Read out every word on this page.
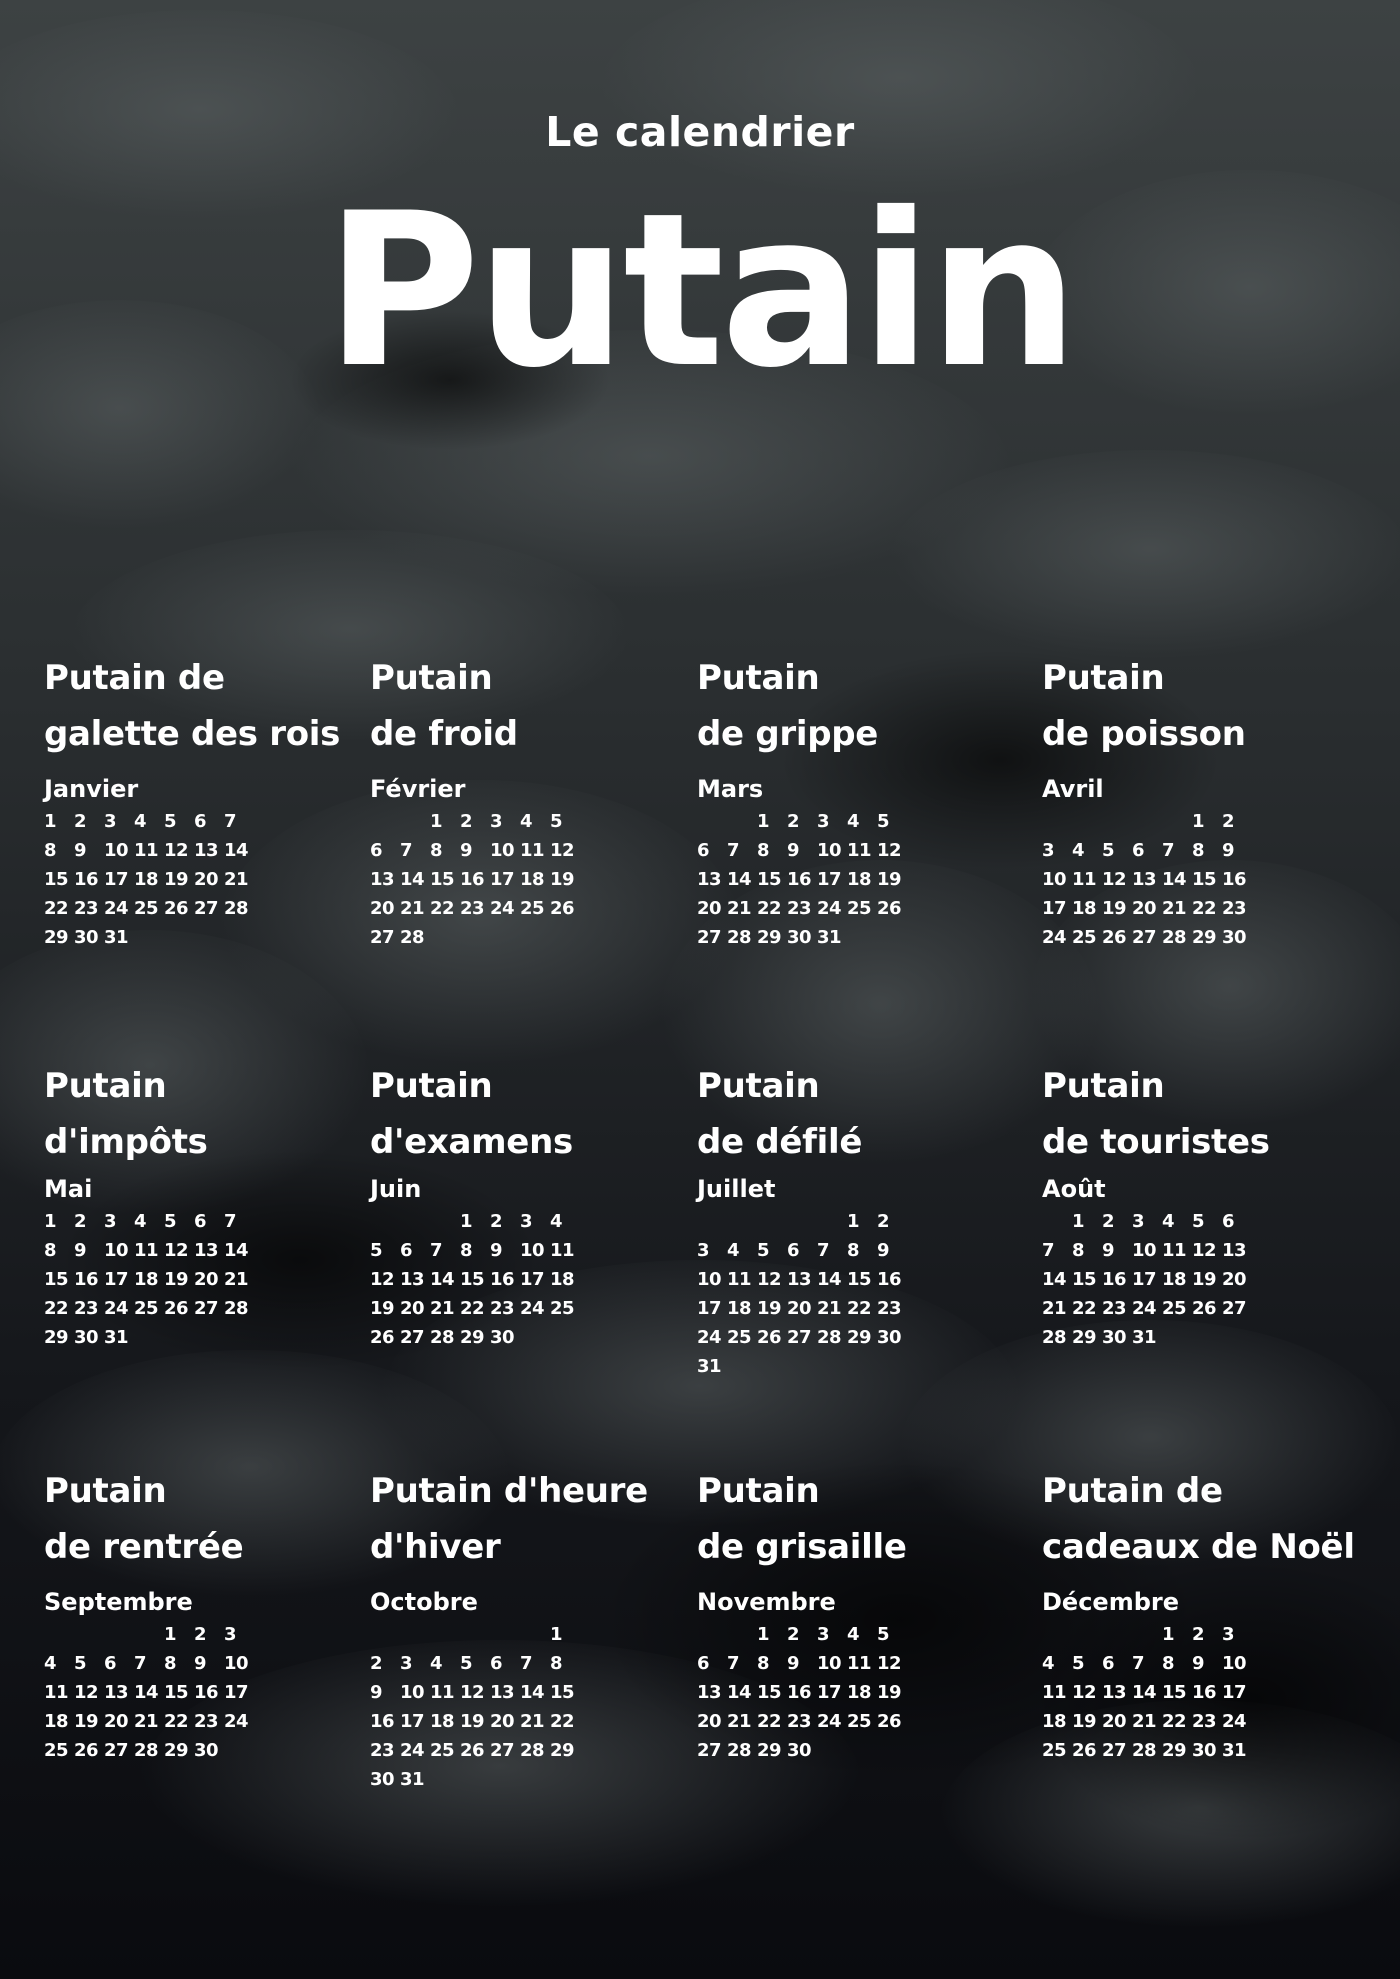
Le calendrier
Putain
Putain de
galette des rois
Janvier
1 2 3 4 5 6 7
8 9 10 11 12 13 14
15 16 17 18 19 20 21
22 23 24 25 26 27 28
29 30 31
Putain
de froid
Février
1 2 3 4 5
6 7 8 9 10 11 12
13 14 15 16 17 18 19
20 21 22 23 24 25 26
27 28
Putain
de grippe
Mars
1 2 3 4 5
6 7 8 9 10 11 12
13 14 15 16 17 18 19
20 21 22 23 24 25 26
27 28 29 30 31
Putain
de poisson
Avril
1 2
3 4 5 6 7 8 9
10 11 12 13 14 15 16
17 18 19 20 21 22 23
24 25 26 27 28 29 30
Putain
d'impôts
Mai
1 2 3 4 5 6 7
8 9 10 11 12 13 14
15 16 17 18 19 20 21
22 23 24 25 26 27 28
29 30 31
Putain
d'examens
Juin
1 2 3 4
5 6 7 8 9 10 11
12 13 14 15 16 17 18
19 20 21 22 23 24 25
26 27 28 29 30
Putain
de défilé
Juillet
1 2
3 4 5 6 7 8 9
10 11 12 13 14 15 16
17 18 19 20 21 22 23
24 25 26 27 28 29 30
31
Putain
de touristes
Août
1 2 3 4 5 6
7 8 9 10 11 12 13
14 15 16 17 18 19 20
21 22 23 24 25 26 27
28 29 30 31
Putain
de rentrée
Septembre
1 2 3
4 5 6 7 8 9 10
11 12 13 14 15 16 17
18 19 20 21 22 23 24
25 26 27 28 29 30
Putain d'heure
d'hiver
Octobre
1
2 3 4 5 6 7 8
9 10 11 12 13 14 15
16 17 18 19 20 21 22
23 24 25 26 27 28 29
30 31
Putain
de grisaille
Novembre
1 2 3 4 5
6 7 8 9 10 11 12
13 14 15 16 17 18 19
20 21 22 23 24 25 26
27 28 29 30
Putain de
cadeaux de Noël
Décembre
1 2 3
4 5 6 7 8 9 10
11 12 13 14 15 16 17
18 19 20 21 22 23 24
25 26 27 28 29 30 31
